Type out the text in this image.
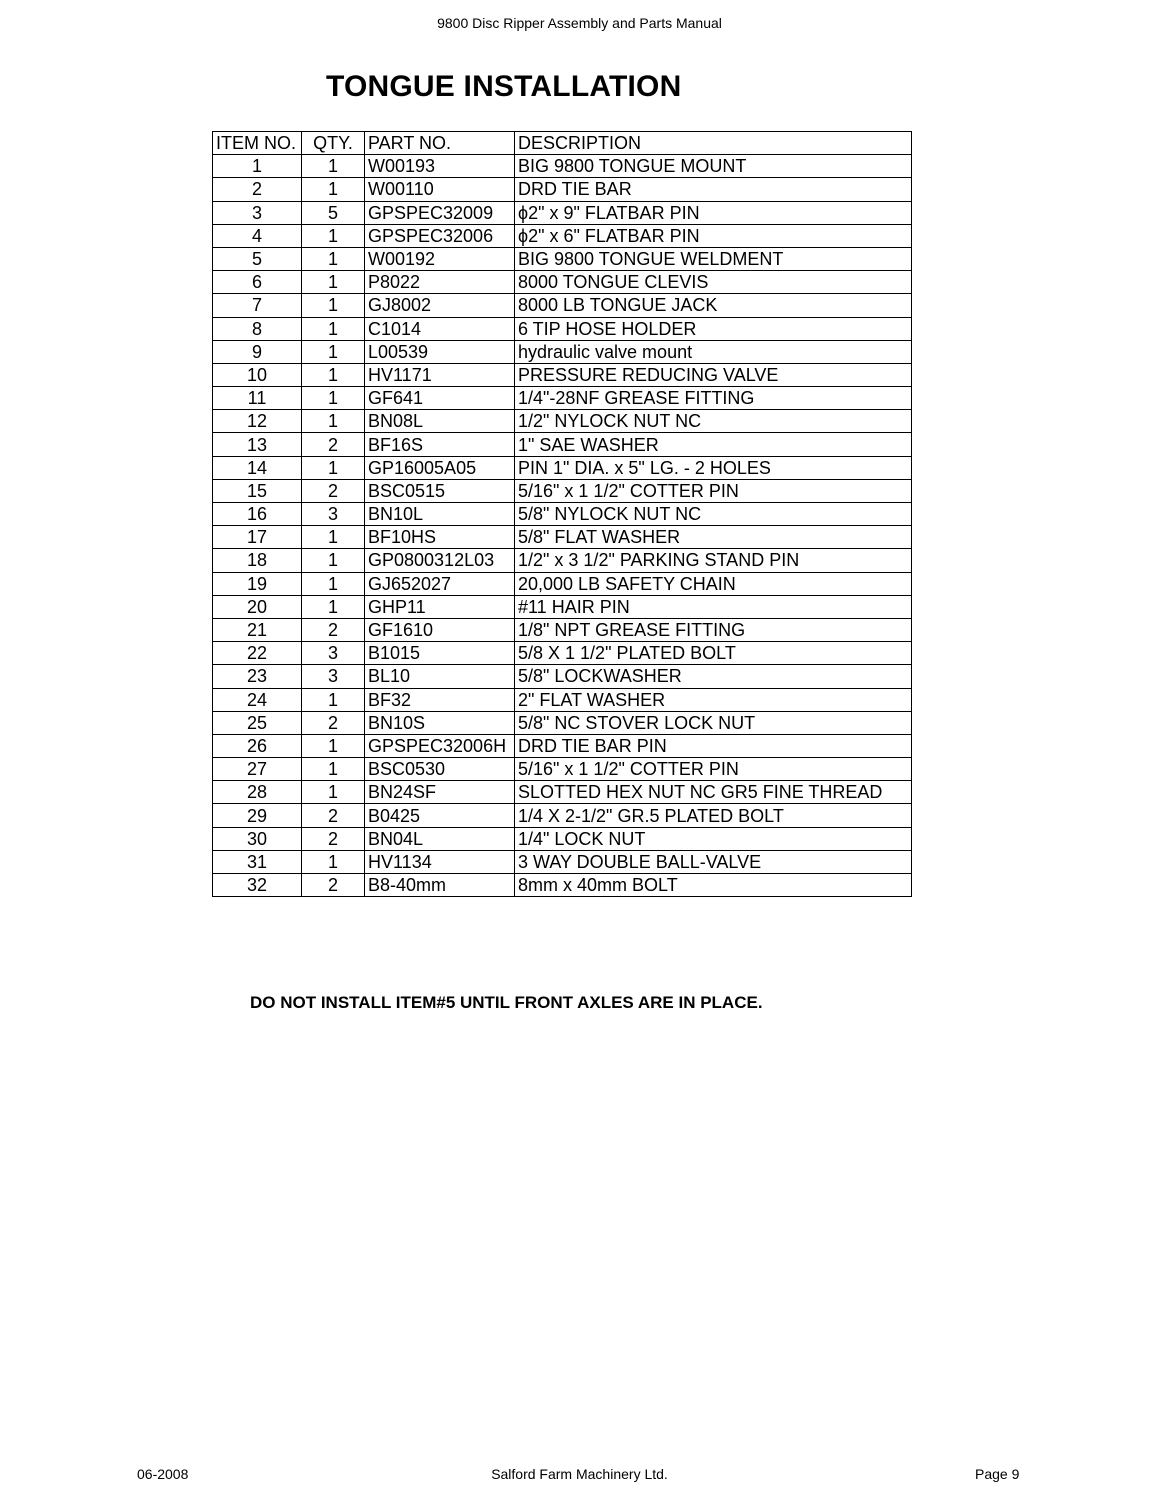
9800 Disc Ripper Assembly and Parts Manual
TONGUE INSTALLATION
ITEM NO.	QTY.	PART NO.	DESCRIPTION
1	1	W00193	BIG 9800 TONGUE MOUNT
2	1	W00110	DRD TIE BAR
3	5	GPSPEC32009	ϕ2" x 9" FLATBAR PIN
4	1	GPSPEC32006	ϕ2" x 6" FLATBAR PIN
5	1	W00192	BIG 9800 TONGUE WELDMENT
6	1	P8022	8000 TONGUE CLEVIS
7	1	GJ8002	8000 LB TONGUE JACK
8	1	C1014	6 TIP HOSE HOLDER
9	1	L00539	hydraulic valve mount
10	1	HV1171	PRESSURE REDUCING VALVE
11	1	GF641	1/4"-28NF GREASE FITTING
12	1	BN08L	1/2" NYLOCK NUT NC
13	2	BF16S	1" SAE WASHER
14	1	GP16005A05	PIN 1" DIA. x 5" LG. - 2 HOLES
15	2	BSC0515	5/16" x 1 1/2" COTTER PIN
16	3	BN10L	5/8" NYLOCK NUT NC
17	1	BF10HS	5/8" FLAT WASHER
18	1	GP0800312L03	1/2" x 3 1/2" PARKING STAND PIN
19	1	GJ652027	20,000 LB SAFETY CHAIN
20	1	GHP11	#11 HAIR PIN
21	2	GF1610	1/8" NPT GREASE FITTING
22	3	B1015	5/8 X 1 1/2" PLATED BOLT
23	3	BL10	5/8" LOCKWASHER
24	1	BF32	2" FLAT WASHER
25	2	BN10S	5/8" NC STOVER LOCK NUT
26	1	GPSPEC32006H	DRD TIE BAR PIN
27	1	BSC0530	5/16" x 1 1/2" COTTER PIN
28	1	BN24SF	SLOTTED HEX NUT NC GR5 FINE THREAD
29	2	B0425	1/4 X 2-1/2" GR.5 PLATED BOLT
30	2	BN04L	1/4" LOCK NUT
31	1	HV1134	3 WAY DOUBLE BALL-VALVE
32	2	B8-40mm	8mm x 40mm BOLT
DO NOT INSTALL ITEM#5 UNTIL FRONT AXLES ARE IN PLACE.
06-2008	Salford Farm Machinery Ltd.	Page 9
